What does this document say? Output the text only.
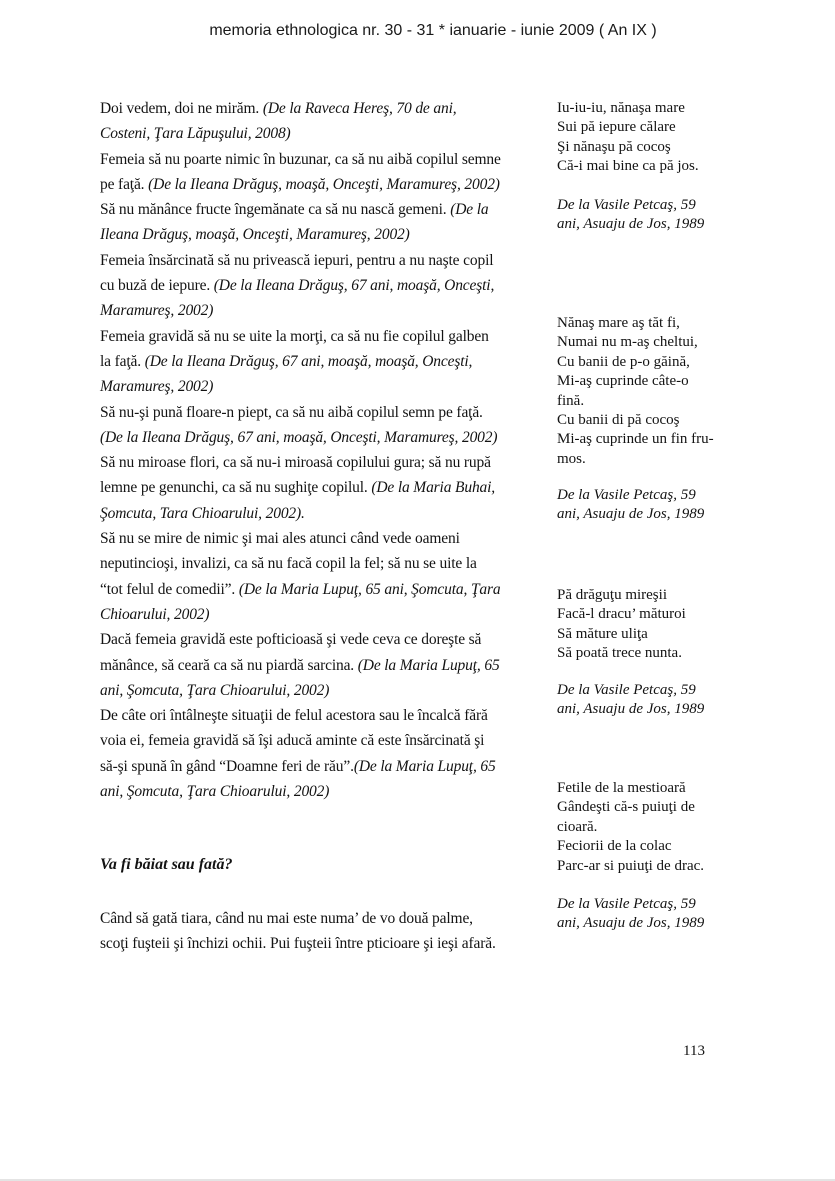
memoria ethnologica nr. 30 - 31 * ianuarie - iunie 2009 ( An IX )
Doi vedem, doi ne mirăm. (De la Raveca Hereş, 70 de ani,
Costeni, Ţara Lăpuşului, 2008)
Femeia să nu poarte nimic în buzunar, ca să nu aibă copilul semne
pe faţă. (De la Ileana Drăguş, moaşă, Onceşti, Maramureş, 2002)
Să nu mănânce fructe îngemănate ca să nu nască gemeni. (De la
Ileana Drăguş, moaşă, Onceşti, Maramureş, 2002)
Femeia însărcinată să nu privească iepuri, pentru a nu naşte copil
cu buză de iepure. (De la Ileana Drăguş, 67 ani, moaşă, Onceşti,
Maramureş, 2002)
Femeia gravidă să nu se uite la morţi, ca să nu fie copilul galben
la faţă. (De la Ileana Drăguş, 67 ani, moaşă, moaşă, Onceşti,
Maramureş, 2002)
Să nu-şi pună floare-n piept, ca să nu aibă copilul semn pe faţă.
(De la Ileana Drăguş, 67 ani, moaşă, Onceşti, Maramureş, 2002)
Să nu miroase flori, ca să nu-i miroasă copilului gura; să nu rupă
lemne pe genunchi, ca să nu sughiţe copilul. (De la Maria Buhai,
Şomcuta, Tara Chioarului, 2002).
Să nu se mire de nimic şi mai ales atunci când vede oameni
neputincioşi, invalizi, ca să nu facă copil la fel; să nu se uite la
“tot felul de comedii”. (De la Maria Lupuţ, 65 ani, Şomcuta, Ţara
Chioarului, 2002)
Dacă femeia gravidă este pofticioasă şi vede ceva ce doreşte să
mănânce, să ceară ca să nu piardă sarcina. (De la Maria Lupuţ, 65
ani, Şomcuta, Ţara Chioarului, 2002)
De câte ori întâlneşte situaţii de felul acestora sau le încalcă fără
voia ei, femeia gravidă să îşi aducă aminte că este însărcinată şi
să-şi spună în gând “Doamne feri de rău”.(De la Maria Lupuţ, 65
ani, Şomcuta, Ţara Chioarului, 2002)
Va fi băiat sau fată?
Când să gată tiara, când nu mai este numa’ de vo două palme,
scoţi fuşteii şi închizi ochii. Pui fuşteii între pticioare şi ieşi afară.
Iu-iu-iu, nănaşa mare
Sui pă iepure călare
Şi nănaşu pă cocoş
Că-i mai bine ca pă jos.
De la Vasile Petcaş, 59
ani, Asuaju de Jos, 1989
Nănaş mare aş tăt fi,
Numai nu m-aş cheltui,
Cu banii de p-o găină,
Mi-aş cuprinde câte-o
fină.
Cu banii di pă cocoş
Mi-aş cuprinde un fin fru-
mos.
De la Vasile Petcaş, 59
ani, Asuaju de Jos, 1989
Pă drăguţu mireşii
Facă-l dracu’ măturoi
Să măture uliţa
Să poată trece nunta.
De la Vasile Petcaş, 59
ani, Asuaju de Jos, 1989
Fetile de la mestioară
Gândeşti că-s puiuţi de
cioară.
Feciorii de la colac
Parc-ar si puiuţi de drac.
De la Vasile Petcaş, 59
ani, Asuaju de Jos, 1989
113
